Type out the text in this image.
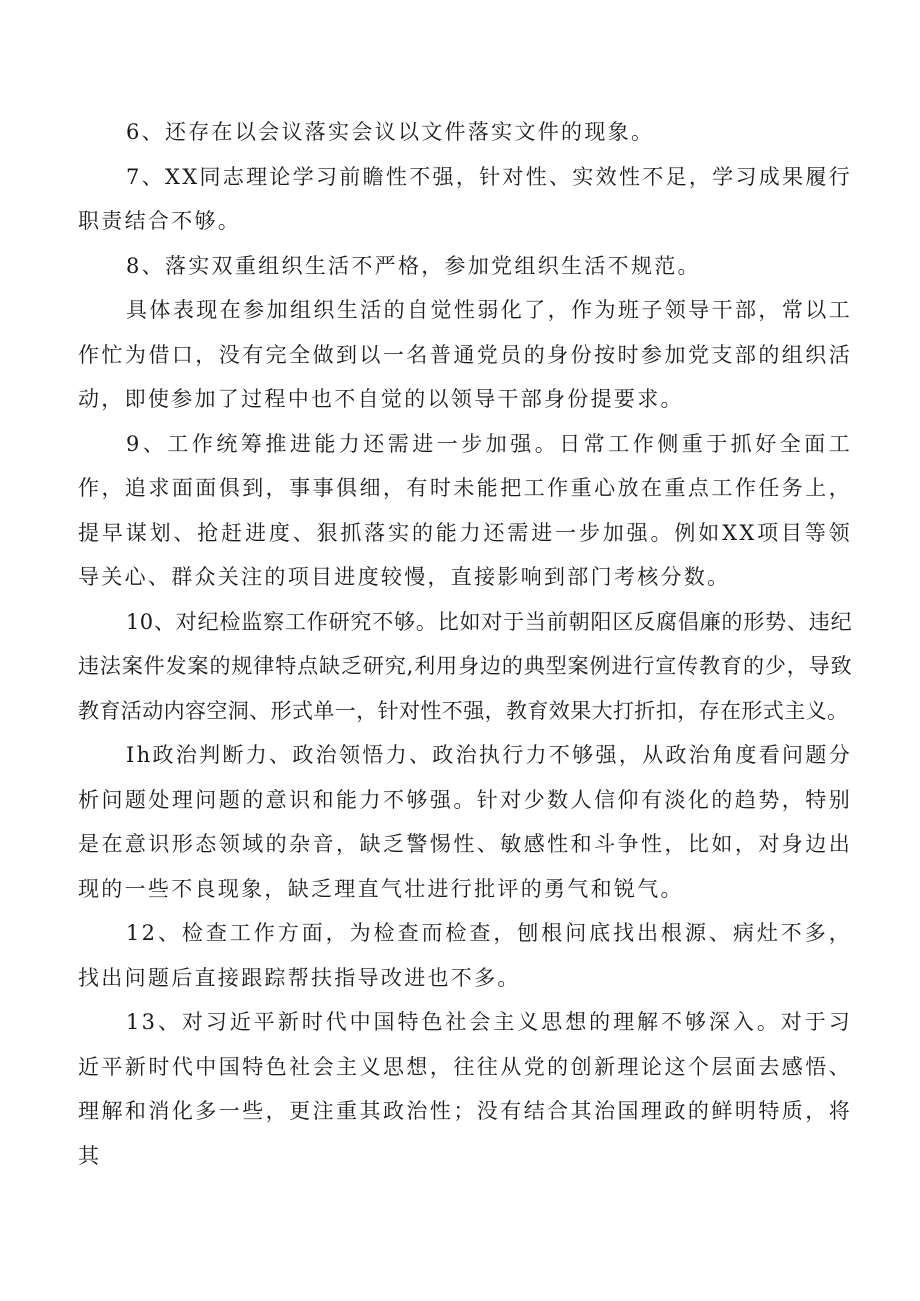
6、还存在以会议落实会议以文件落实文件的现象。

7、XX同志理论学习前瞻性不强，针对性、实效性不足，学习成果履行职责结合不够。

8、落实双重组织生活不严格，参加党组织生活不规范。

具体表现在参加组织生活的自觉性弱化了，作为班子领导干部，常以工作忙为借口，没有完全做到以一名普通党员的身份按时参加党支部的组织活动，即使参加了过程中也不自觉的以领导干部身份提要求。

9、工作统筹推进能力还需进一步加强。日常工作侧重于抓好全面工作，追求面面俱到，事事俱细，有时未能把工作重心放在重点工作任务上，提早谋划、抢赶进度、狠抓落实的能力还需进一步加强。例如XX项目等领导关心、群众关注的项目进度较慢，直接影响到部门考核分数。

10、对纪检监察工作研究不够。比如对于当前朝阳区反腐倡廉的形势、违纪违法案件发案的规律特点缺乏研究,利用身边的典型案例进行宣传教育的少，导致教育活动内容空洞、形式单一，针对性不强，教育效果大打折扣，存在形式主义。

Ih政治判断力、政治领悟力、政治执行力不够强，从政治角度看问题分析问题处理问题的意识和能力不够强。针对少数人信仰有淡化的趋势，特别是在意识形态领域的杂音，缺乏警惕性、敏感性和斗争性，比如，对身边出现的一些不良现象，缺乏理直气壮进行批评的勇气和锐气。

12、检查工作方面，为检查而检查，刨根问底找出根源、病灶不多，找出问题后直接跟踪帮扶指导改进也不多。

13、对习近平新时代中国特色社会主义思想的理解不够深入。对于习近平新时代中国特色社会主义思想，往往从党的创新理论这个层面去感悟、理解和消化多一些，更注重其政治性；没有结合其治国理政的鲜明特质，将其
